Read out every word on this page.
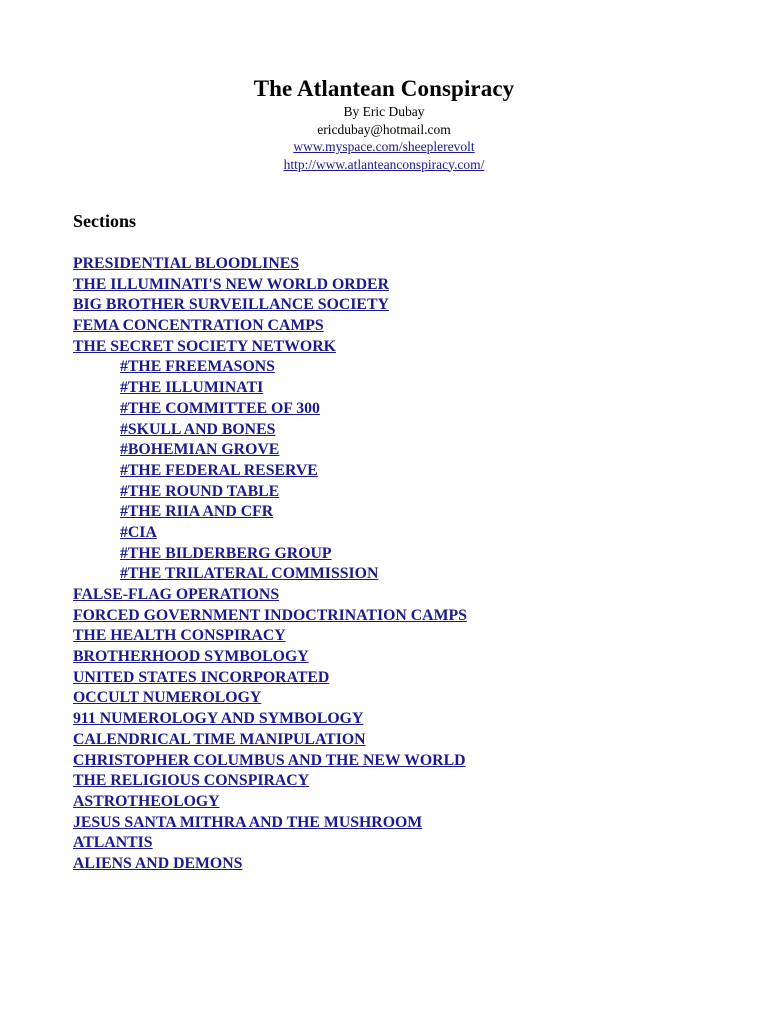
The Atlantean Conspiracy

By Eric Dubay

ericdubay@hotmail.com

www.myspace.com/sheeplerevolt

http://www.atlanteanconspiracy.com/

Sections

PRESIDENTIAL BLOODLINES
THE ILLUMINATI'S NEW WORLD ORDER
BIG BROTHER SURVEILLANCE SOCIETY
FEMA CONCENTRATION CAMPS
THE SECRET SOCIETY NETWORK
#THE FREEMASONS
#THE ILLUMINATI
#THE COMMITTEE OF 300
#SKULL AND BONES
#BOHEMIAN GROVE
#THE FEDERAL RESERVE
#THE ROUND TABLE
#THE RIIA AND CFR
#CIA
#THE BILDERBERG GROUP
#THE TRILATERAL COMMISSION
FALSE-FLAG OPERATIONS
FORCED GOVERNMENT INDOCTRINATION CAMPS
THE HEALTH CONSPIRACY
BROTHERHOOD SYMBOLOGY
UNITED STATES INCORPORATED
OCCULT NUMEROLOGY
911 NUMEROLOGY AND SYMBOLOGY
CALENDRICAL TIME MANIPULATION
CHRISTOPHER COLUMBUS AND THE NEW WORLD
THE RELIGIOUS CONSPIRACY
ASTROTHEOLOGY
JESUS SANTA MITHRA AND THE MUSHROOM
ATLANTIS
ALIENS AND DEMONS
